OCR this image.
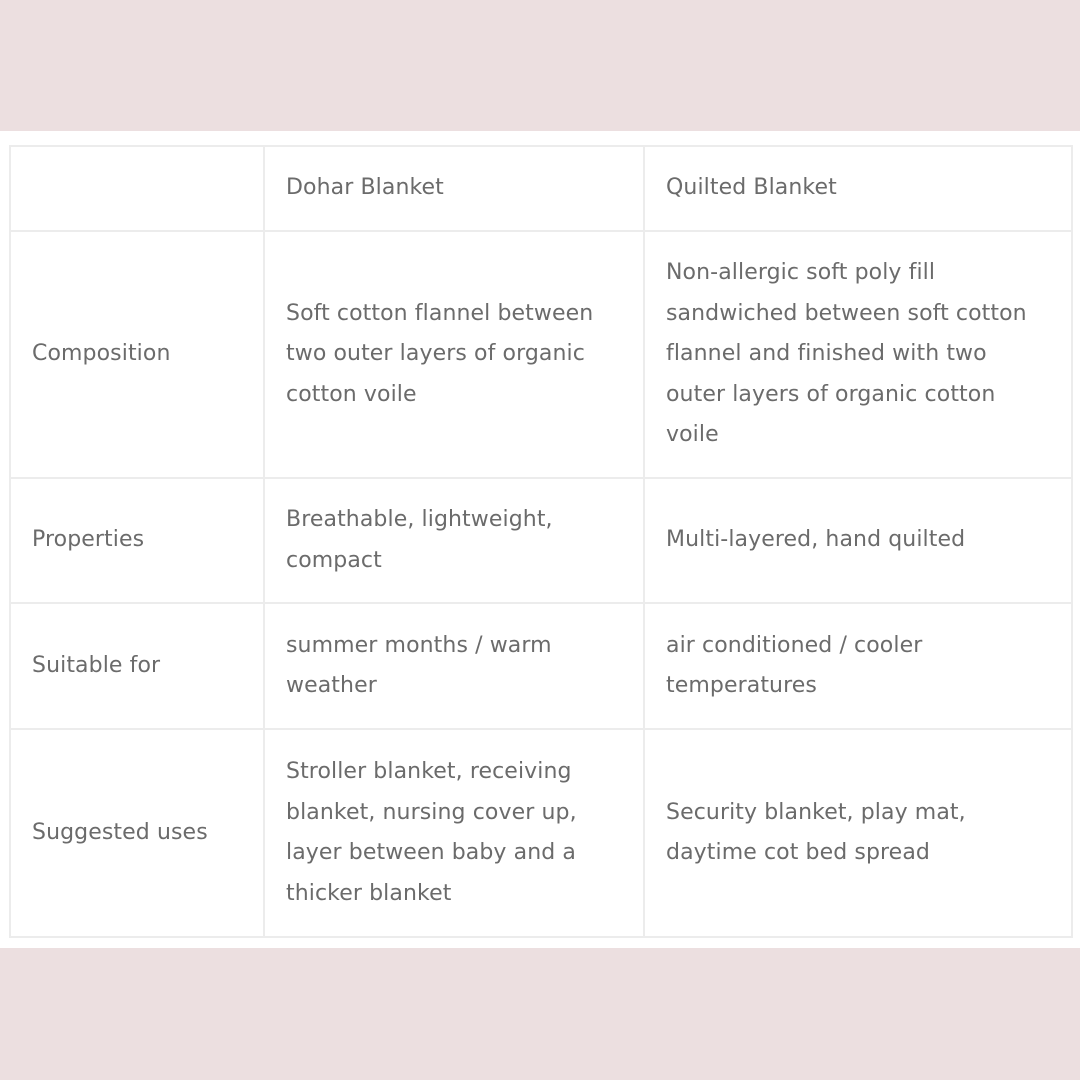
	Dohar Blanket	Quilted Blanket
Composition	Soft cotton flannel between two outer layers of organic cotton voile	Non-allergic soft poly fill sandwiched between soft cotton flannel and finished with two outer layers of organic cotton voile
Properties	Breathable, lightweight, compact	Multi-layered, hand quilted
Suitable for	summer months / warm weather	air conditioned / cooler temperatures
Suggested uses	Stroller blanket, receiving blanket, nursing cover up, layer between baby and a thicker blanket	Security blanket, play mat, daytime cot bed spread
